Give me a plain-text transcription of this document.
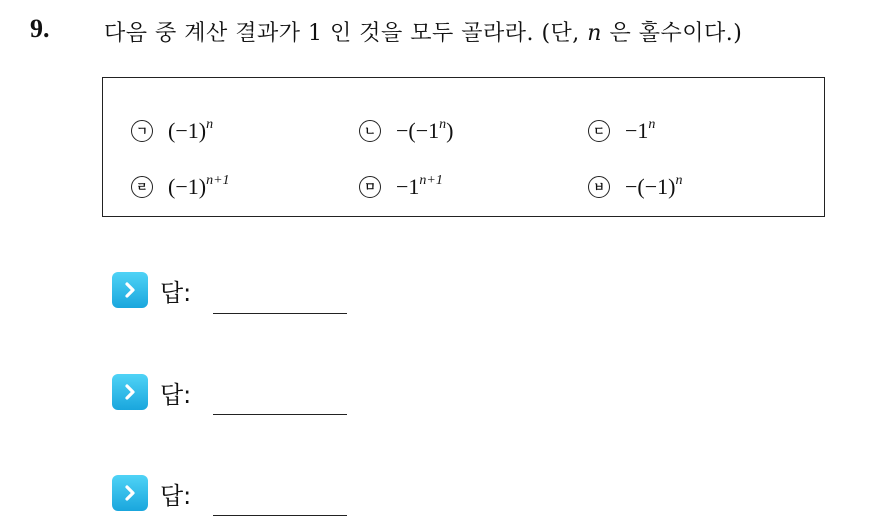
9. 다음 중 계산 결과가 1 인 것을 모두 골라라. (단, n 은 홀수이다.)
ㄱ $(-1)^n$	ㄴ $-(-1^n)$	ㄷ $-1^n$
ㄹ $(-1)^{n+1}$	ㅁ $-1^{n+1}$	ㅂ $-(-1)^n$
답:
답:
답:
